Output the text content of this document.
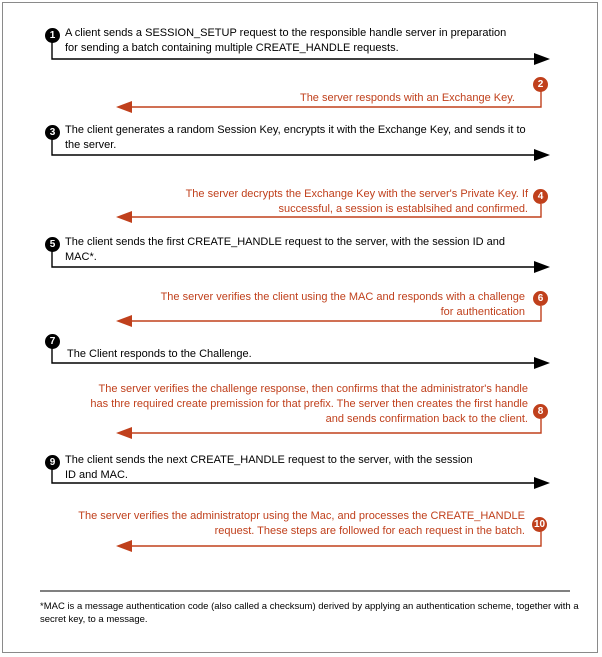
1 A client sends a SESSION_SETUP request to the responsible handle server in preparation for sending a batch containing multiple CREATE_HANDLE requests.
2
The server responds with an Exchange Key.
3 The client generates a random Session Key, encrypts it with the Exchange Key, and sends it to the server.
4
The server decrypts the Exchange Key with the server's Private Key. If successful, a session is establsihed and confirmed.
5 The client sends the first CREATE_HANDLE request to the server, with the session ID and MAC*.
6
The server verifies the client using the MAC and responds with a challenge for authentication
7
The Client responds to the Challenge.
8
The server verifies the challenge response, then confirms that the administrator's handle has thre required create premission for that prefix. The server then creates the first handle and sends confirmation back to the client.
9 The client sends the next CREATE_HANDLE request to the server, with the session ID and MAC.
10
The server verifies the administratopr using the Mac, and processes the CREATE_HANDLE request. These steps are followed for each request in the batch.
*MAC is a message authentication code (also called a checksum) derived by applying an authentication scheme, together with a secret key, to a message.
